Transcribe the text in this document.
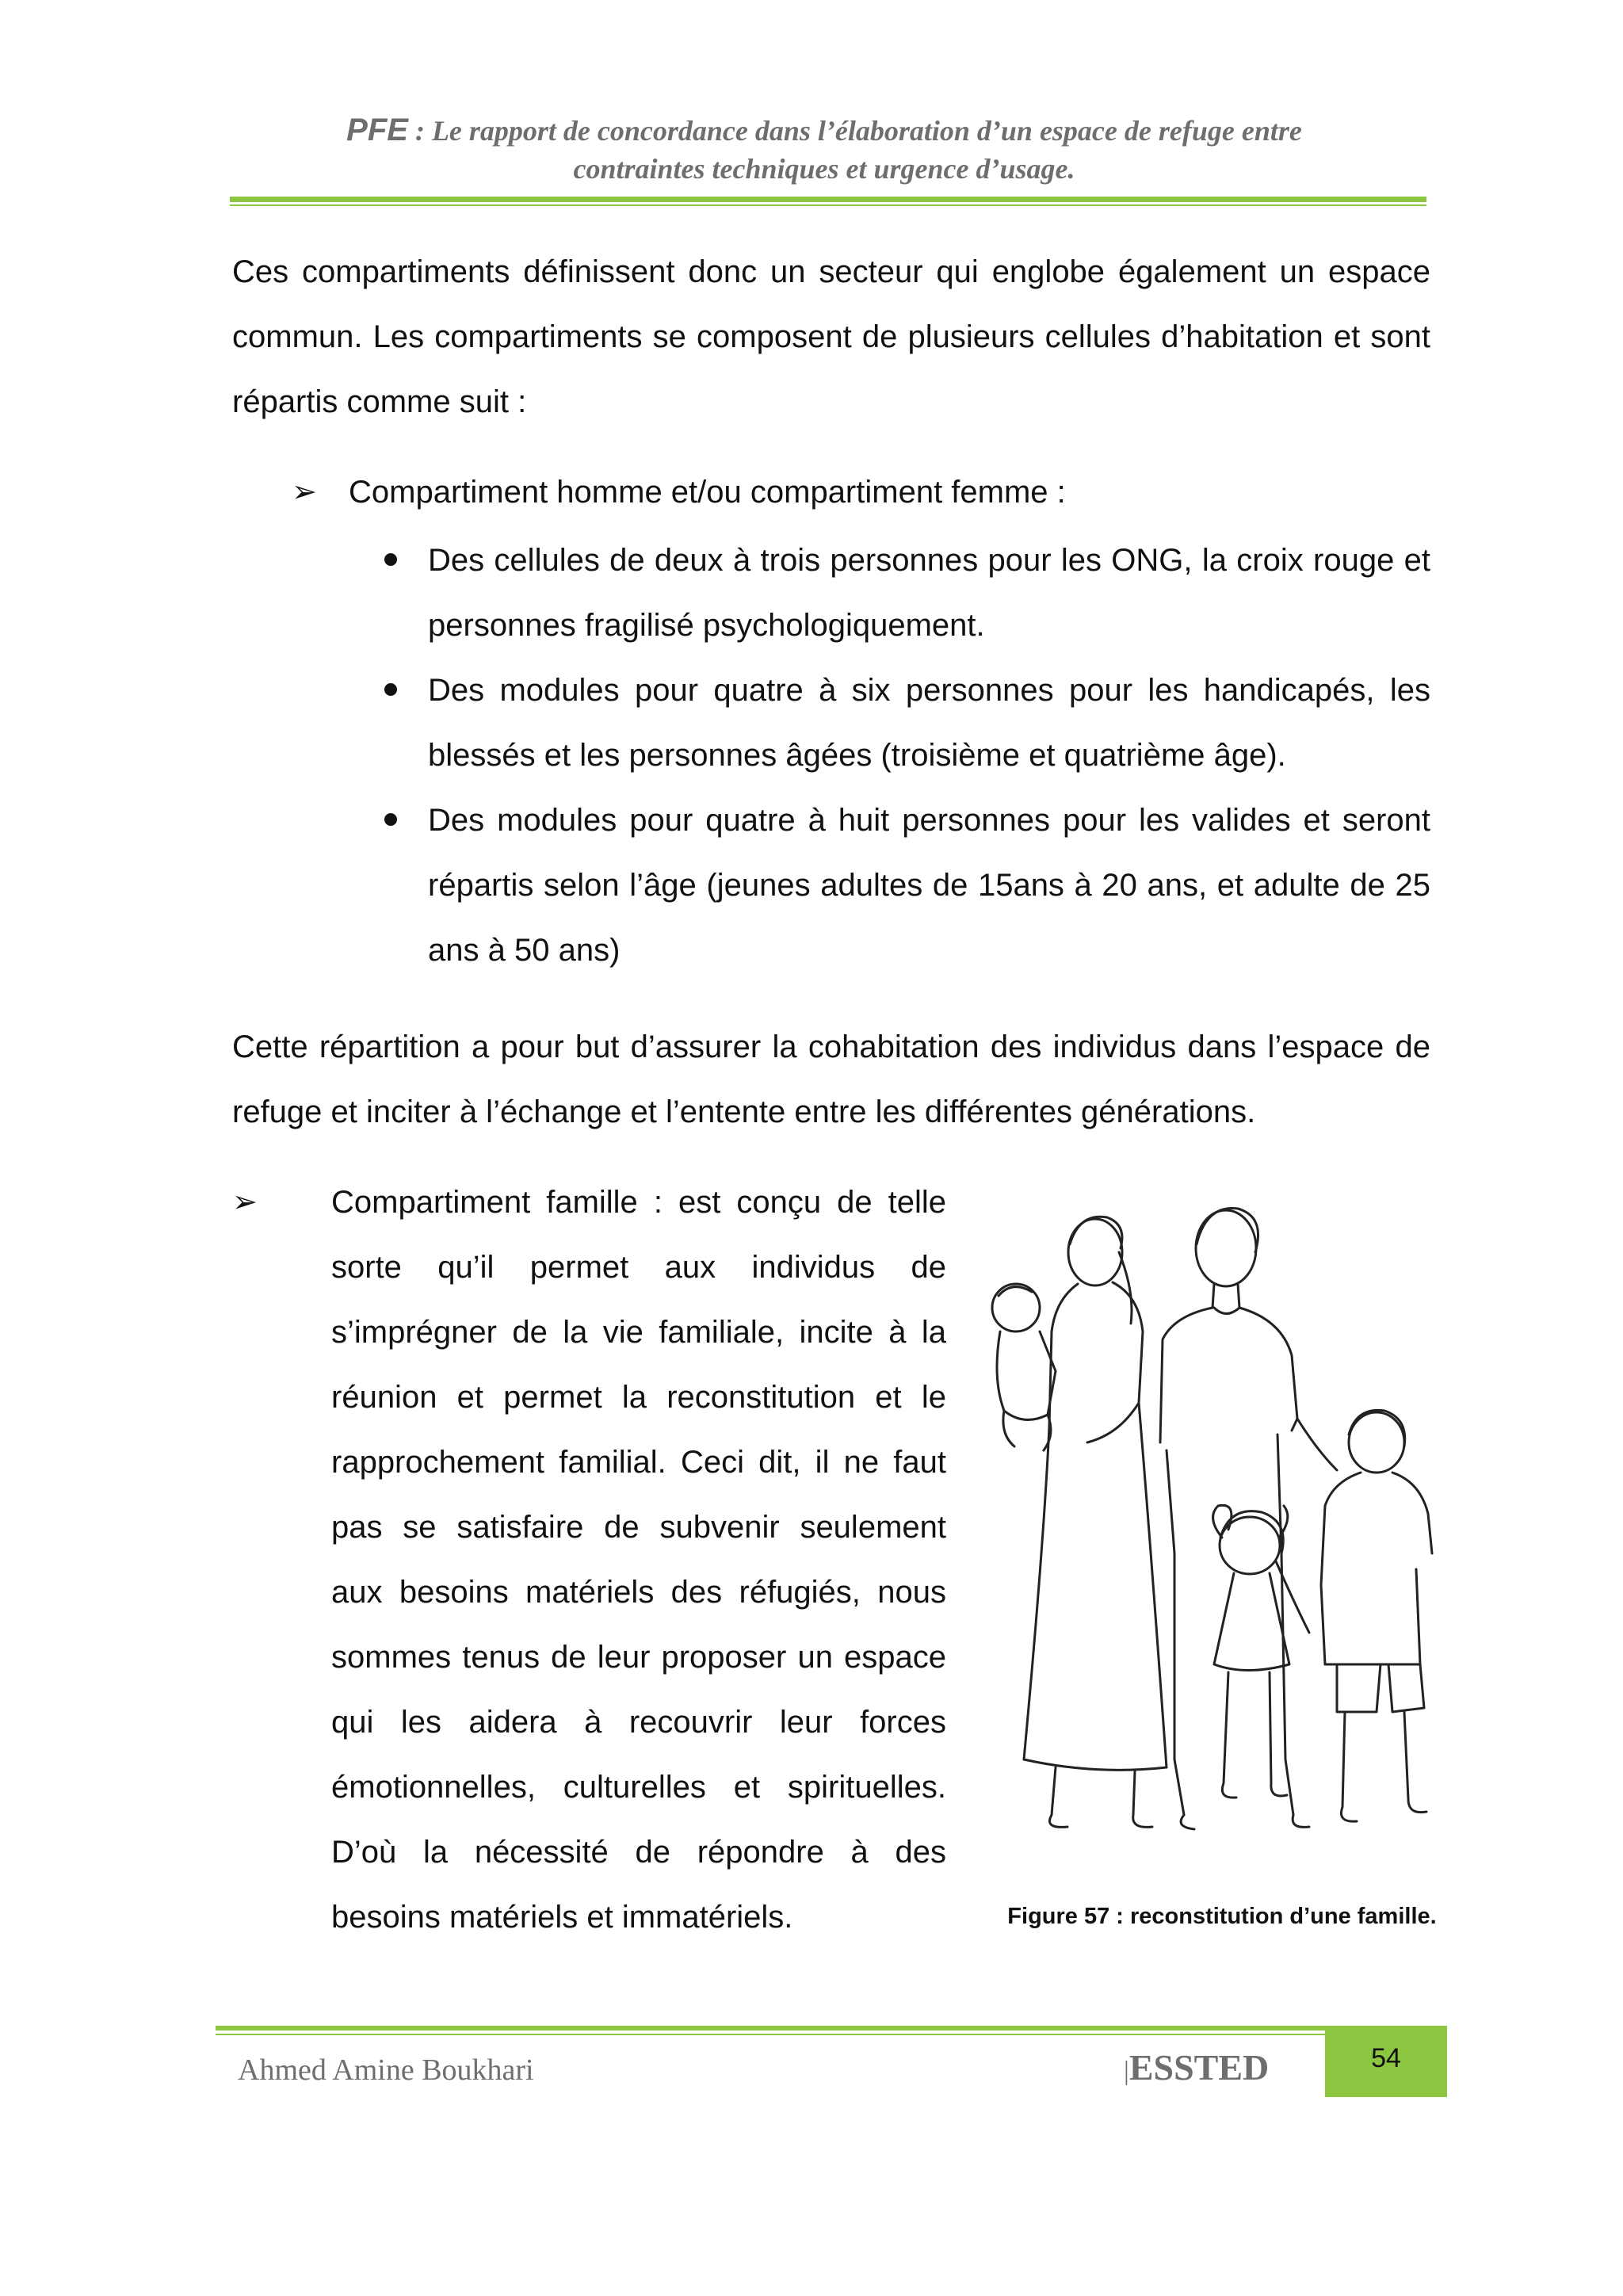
PFE : Le rapport de concordance dans l’élaboration d’un espace de refuge entre
contraintes techniques et urgence d’usage.
Ces compartiments définissent donc un secteur qui englobe également un espace commun. Les compartiments se composent de plusieurs cellules d’habitation et sont répartis comme suit :
➢ Compartiment homme et/ou compartiment femme :
Des cellules de deux à trois personnes pour les ONG, la croix rouge et personnes fragilisé psychologiquement.
Des modules pour quatre à six personnes pour les handicapés, les blessés et les personnes âgées (troisième et quatrième âge).
Des modules pour quatre à huit personnes pour les valides et seront répartis selon l’âge (jeunes adultes de 15ans à 20 ans, et adulte de 25 ans à 50 ans)
Cette répartition a pour but d’assurer la cohabitation des individus dans l’espace de refuge et inciter à l’échange et l’entente entre les différentes générations.
➢ Compartiment famille : est conçu de telle sorte qu’il permet aux individus de s’imprégner de la vie familiale, incite à la réunion et permet la reconstitution et le rapprochement familial. Ceci dit, il ne faut pas se satisfaire de subvenir seulement aux besoins matériels des réfugiés, nous sommes tenus de leur proposer un espace qui les aidera à recouvrir leur forces émotionnelles, culturelles et spirituelles. D’où la nécessité de répondre à des besoins matériels et immatériels.	Figure 57 : reconstitution d’une famille.
Ahmed Amine Boukhari	|ESSTED	54
